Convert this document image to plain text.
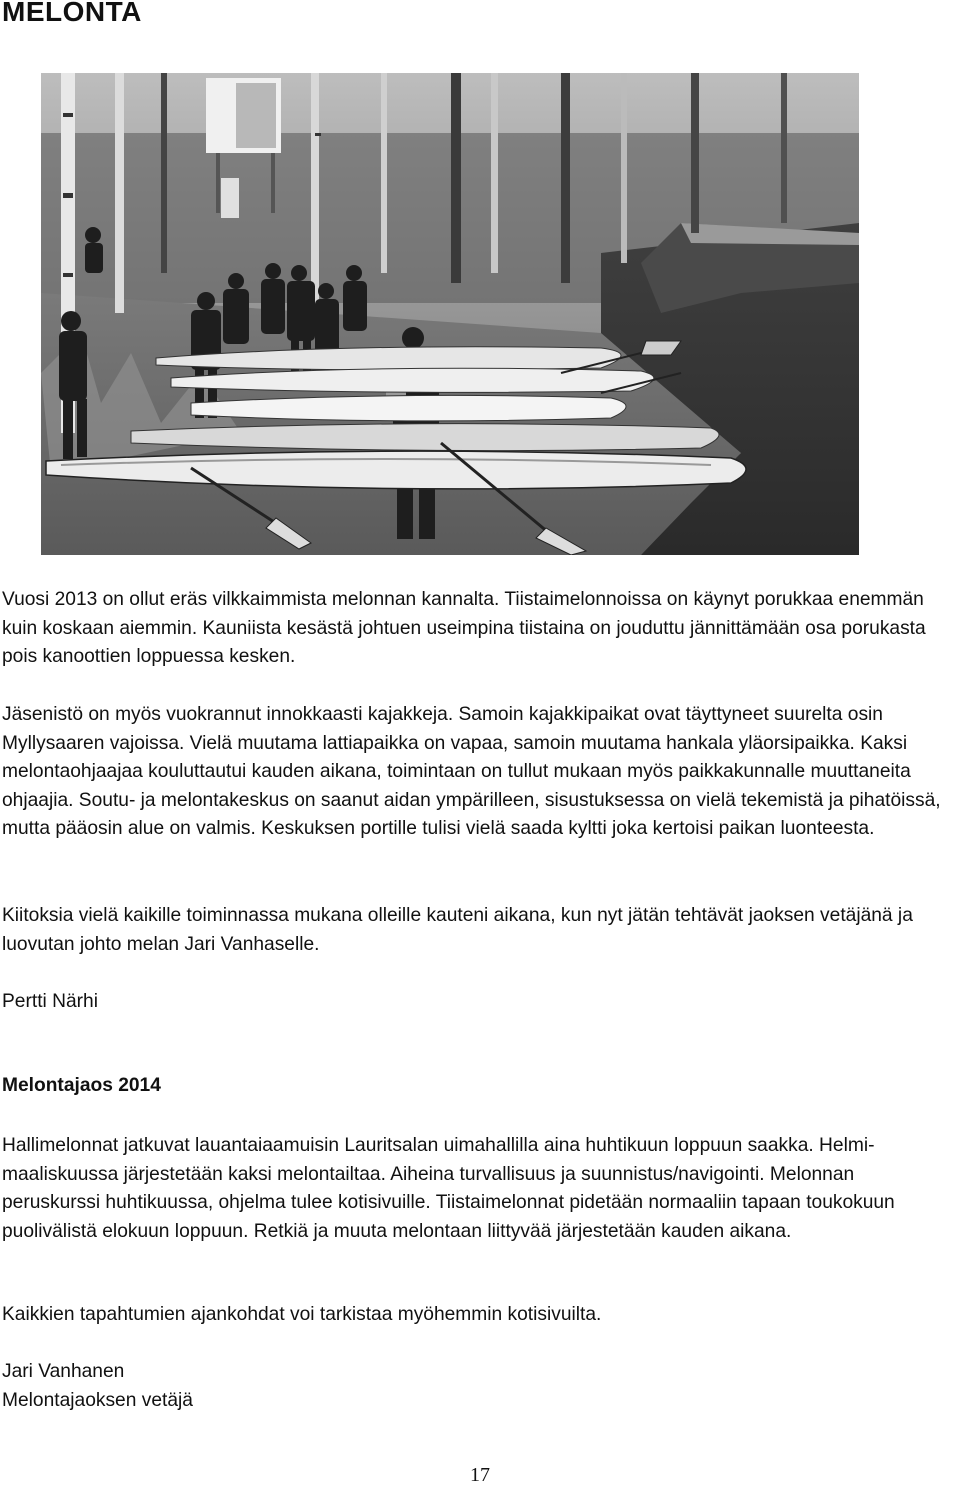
MELONTA

Vuosi 2013 on ollut eräs vilkkaimmista melonnan kannalta. Tiistaimelonnoissa on käynyt porukkaa enemmän kuin koskaan aiemmin. Kauniista kesästä johtuen useimpina tiistaina on jouduttu jännittämään osa porukasta pois kanoottien loppuessa kesken.

Jäsenistö on myös vuokrannut innokkaasti kajakkeja. Samoin kajakkipaikat ovat täyttyneet suurelta osin Myllysaaren vajoissa. Vielä muutama lattiapaikka on vapaa, samoin muutama hankala yläorsipaikka. Kaksi melontaohjaajaa kouluttautui kauden aikana, toimintaan on tullut mukaan myös paikkakunnalle muuttaneita ohjaajia. Soutu- ja melontakeskus on saanut aidan ympärilleen, sisustuksessa on vielä tekemistä ja pihatöissä, mutta pääosin alue on valmis. Keskuksen portille tulisi vielä saada kyltti joka kertoisi paikan luonteesta.

Kiitoksia vielä kaikille toiminnassa mukana olleille kauteni aikana, kun nyt jätän tehtävät jaoksen vetäjänä ja luovutan johto melan Jari Vanhaselle.

Pertti Närhi

Melontajaos 2014

Hallimelonnat jatkuvat lauantaiaamuisin Lauritsalan uimahallilla aina huhtikuun loppuun saakka. Helmi-maaliskuussa järjestetään kaksi melontailtaa. Aiheina turvallisuus ja suunnistus/navigointi. Melonnan peruskurssi huhtikuussa, ohjelma tulee kotisivuille. Tiistaimelonnat pidetään normaaliin tapaan toukokuun puolivälistä elokuun loppuun. Retkiä ja muuta melontaan liittyvää järjestetään kauden aikana.

Kaikkien tapahtumien ajankohdat voi tarkistaa myöhemmin kotisivuilta.

Jari Vanhanen

Melontajaoksen vetäjä

17
